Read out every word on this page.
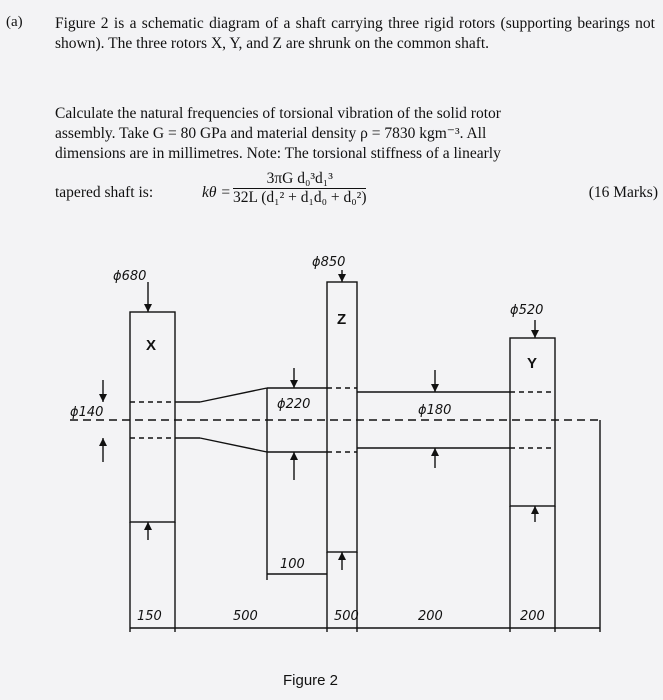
(a) Figure 2 is a schematic diagram of a shaft carrying three rigid rotors (supporting bearings not shown). The three rotors X, Y, and Z are shrunk on the common shaft.
Calculate the natural frequencies of torsional vibration of the solid rotor
assembly. Take G = 80 GPa and material density ρ = 7830 kgm⁻³. All
dimensions are in millimetres. Note: The torsional stiffness of a linearly
tapered shaft is:	$k\theta = \frac{\text{3πG d₀³d₁³}}{\text{32L (d₁² + d₁d₀ + d₀²)}}$	(16 Marks)
X
Z
Y
ϕ680
ϕ850
ϕ520
ϕ140
ϕ220	ϕ180
150	500
100
500	200	200
Figure 2
